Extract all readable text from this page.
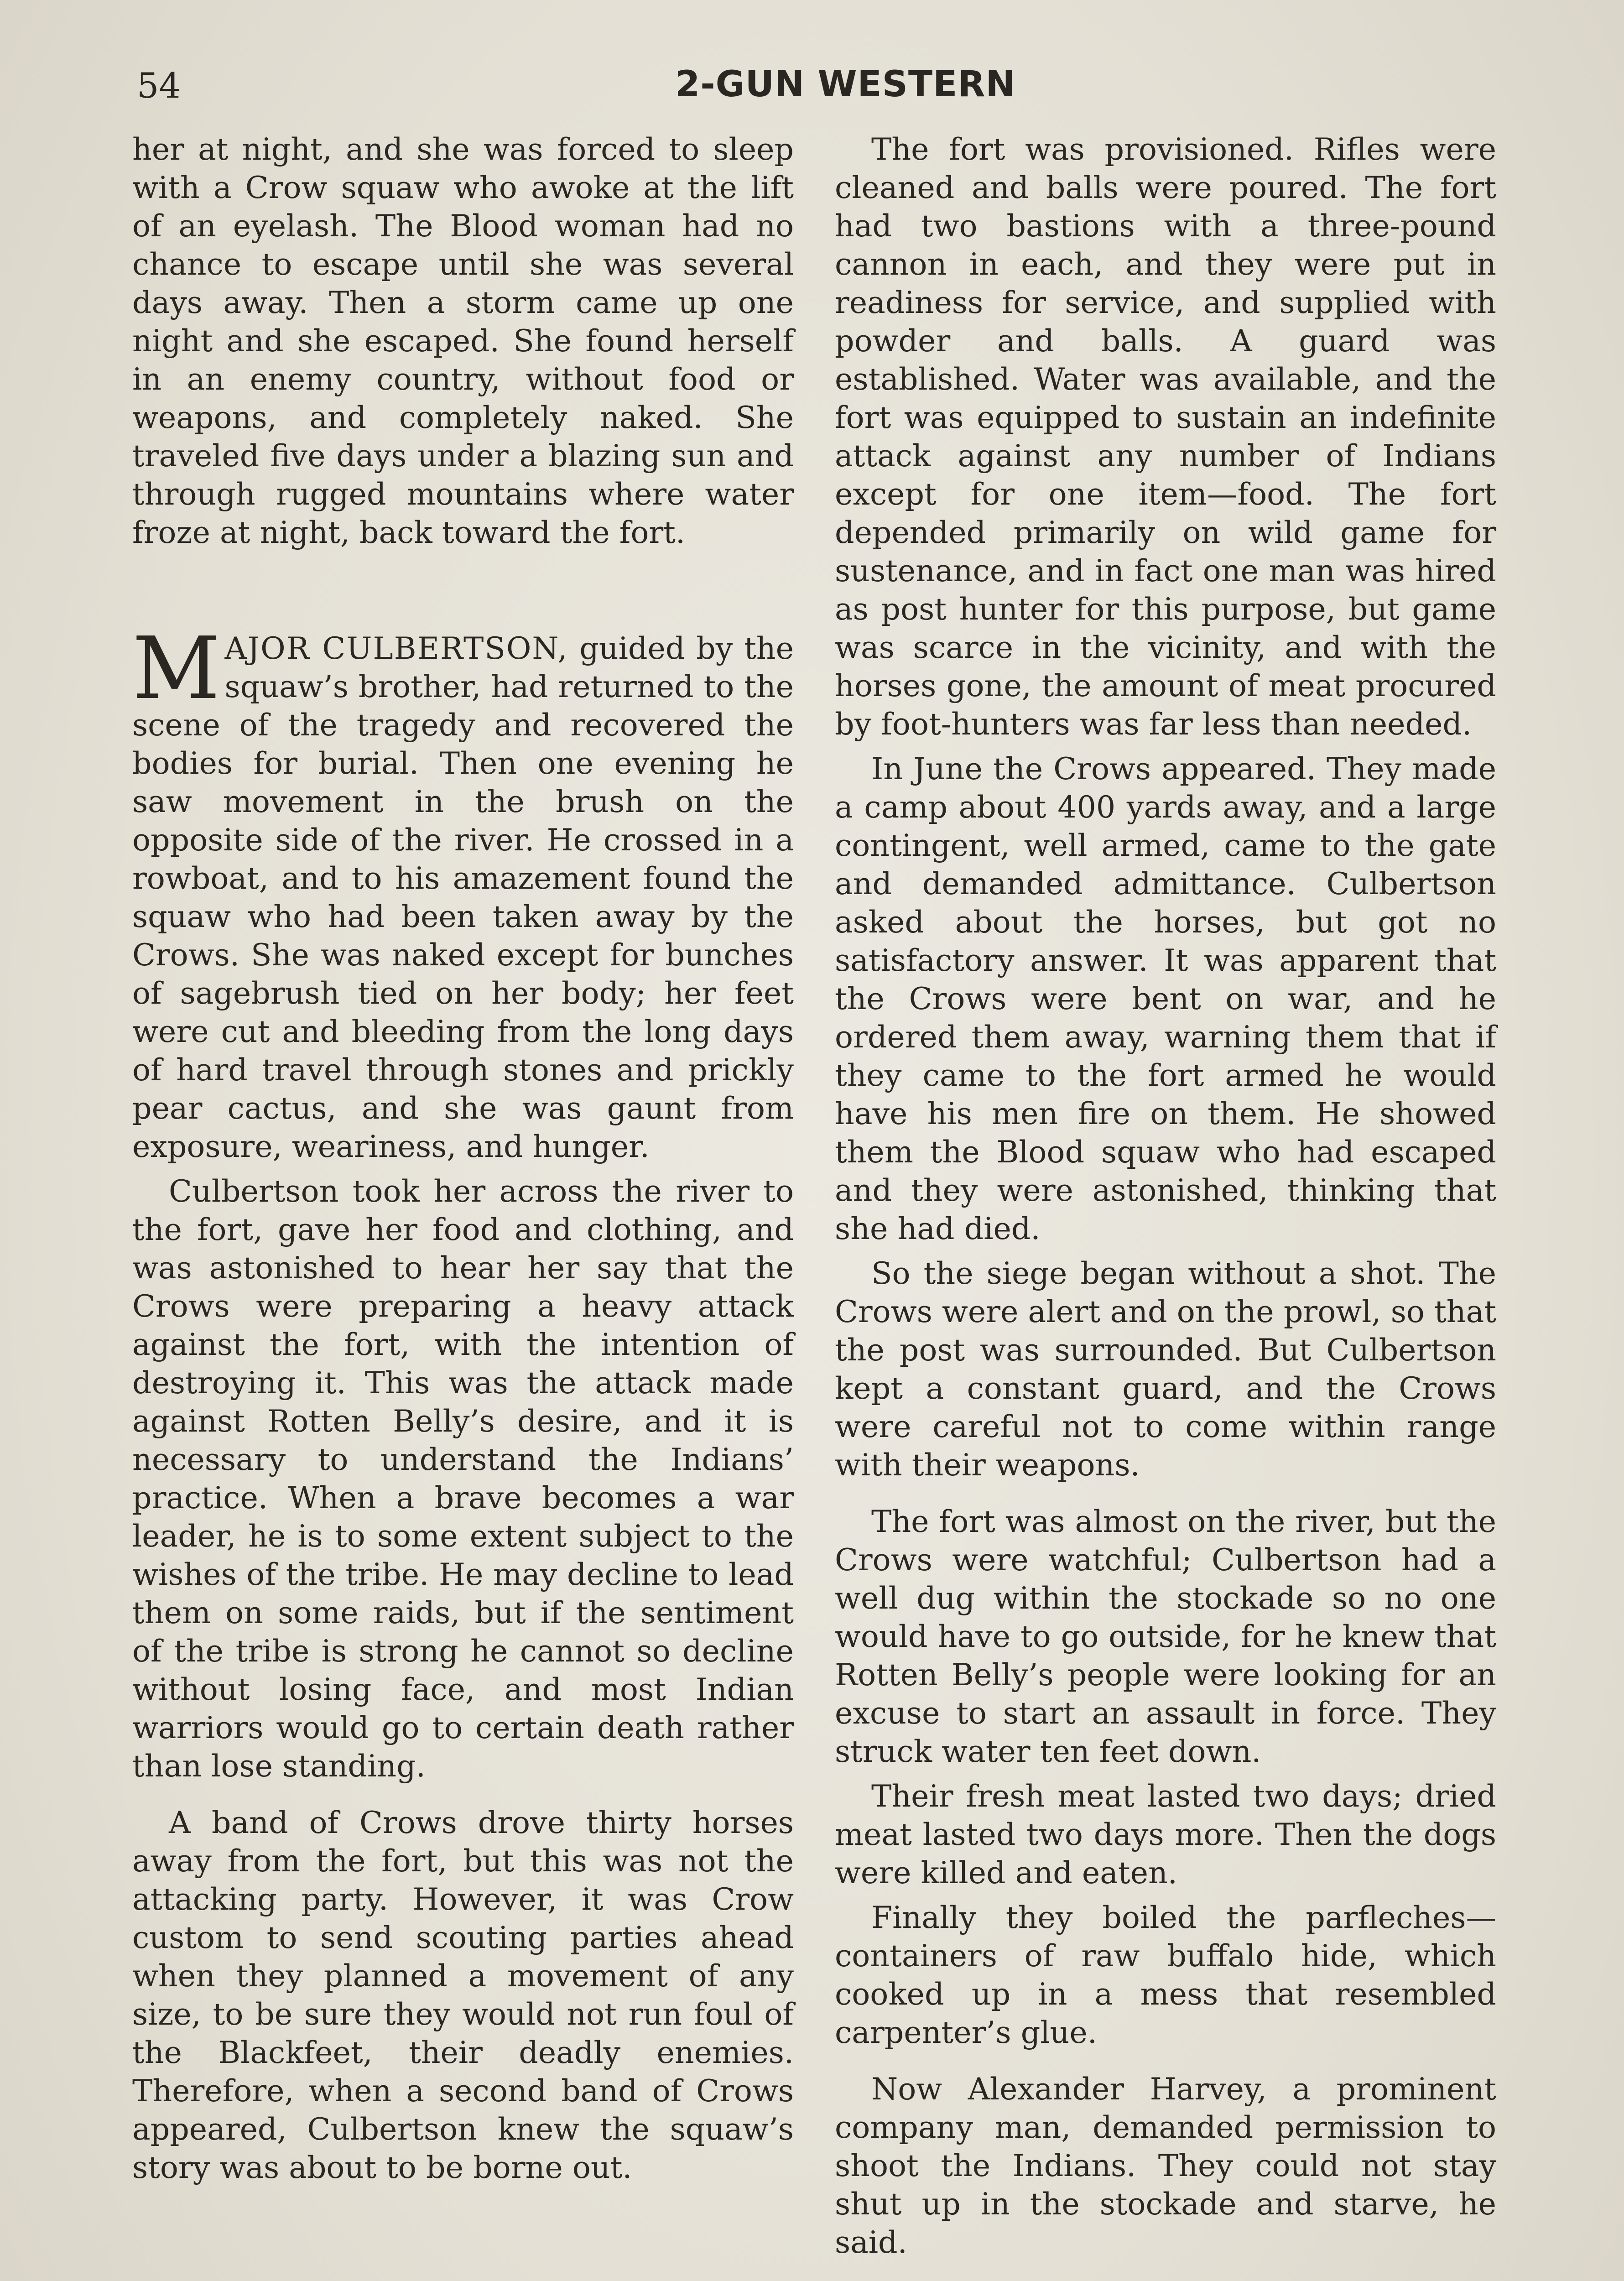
54	2-GUN WESTERN

her at night, and she was forced to sleep with a Crow squaw who awoke at the lift of an eyelash. The Blood woman had no chance to escape until she was several days away. Then a storm came up one night and she escaped. She found herself in an enemy country, without food or weapons, and completely naked. She traveled five days under a blazing sun and through rugged mountains where water froze at night, back toward the fort.

MAJOR CULBERTSON, guided by the squaw’s brother, had returned to the scene of the tragedy and recovered the bodies for burial. Then one evening he saw movement in the brush on the opposite side of the river. He crossed in a rowboat, and to his amazement found the squaw who had been taken away by the Crows. She was naked except for bunches of sagebrush tied on her body; her feet were cut and bleeding from the long days of hard travel through stones and prickly pear cactus, and she was gaunt from exposure, weariness, and hunger.

Culbertson took her across the river to the fort, gave her food and clothing, and was astonished to hear her say that the Crows were preparing a heavy attack against the fort, with the intention of destroying it. This was the attack made against Rotten Belly’s desire, and it is necessary to understand the Indians’ practice. When a brave becomes a war leader, he is to some extent subject to the wishes of the tribe. He may decline to lead them on some raids, but if the sentiment of the tribe is strong he cannot so decline without losing face, and most Indian warriors would go to certain death rather than lose standing.

A band of Crows drove thirty horses away from the fort, but this was not the attacking party. However, it was Crow custom to send scouting parties ahead when they planned a movement of any size, to be sure they would not run foul of the Blackfeet, their deadly enemies. Therefore, when a second band of Crows appeared, Culbertson knew the squaw’s story was about to be borne out.

The fort was provisioned. Rifles were cleaned and balls were poured. The fort had two bastions with a three-pound cannon in each, and they were put in readiness for service, and supplied with powder and balls. A guard was established. Water was available, and the fort was equipped to sustain an indefinite attack against any number of Indians except for one item—food. The fort depended primarily on wild game for sustenance, and in fact one man was hired as post hunter for this purpose, but game was scarce in the vicinity, and with the horses gone, the amount of meat procured by foot-hunters was far less than needed.

In June the Crows appeared. They made a camp about 400 yards away, and a large contingent, well armed, came to the gate and demanded admittance. Culbertson asked about the horses, but got no satisfactory answer. It was apparent that the Crows were bent on war, and he ordered them away, warning them that if they came to the fort armed he would have his men fire on them. He showed them the Blood squaw who had escaped and they were astonished, thinking that she had died.

So the siege began without a shot. The Crows were alert and on the prowl, so that the post was surrounded. But Culbertson kept a constant guard, and the Crows were careful not to come within range with their weapons.

The fort was almost on the river, but the Crows were watchful; Culbertson had a well dug within the stockade so no one would have to go outside, for he knew that Rotten Belly’s people were looking for an excuse to start an assault in force. They struck water ten feet down.

Their fresh meat lasted two days; dried meat lasted two days more. Then the dogs were killed and eaten.

Finally they boiled the parfleches—containers of raw buffalo hide, which cooked up in a mess that resembled carpenter’s glue.

Now Alexander Harvey, a prominent company man, demanded permission to shoot the Indians. They could not stay shut up in the stockade and starve, he said.
